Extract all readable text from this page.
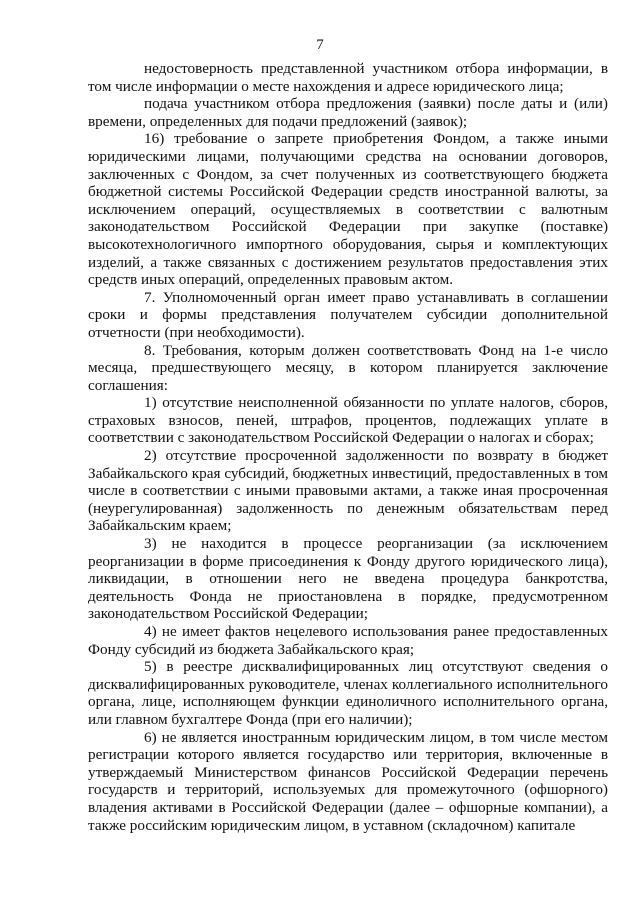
7

недостоверность представленной участником отбора информации, в том числе информации о месте нахождения и адресе юридического лица;

подача участником отбора предложения (заявки) после даты и (или) времени, определенных для подачи предложений (заявок);

16) требование о запрете приобретения Фондом, а также иными юридическими лицами, получающими средства на основании договоров, заключенных с Фондом, за счет полученных из соответствующего бюджета бюджетной системы Российской Федерации средств иностранной валюты, за исключением операций, осуществляемых в соответствии с валютным законодательством Российской Федерации при закупке (поставке) высокотехнологичного импортного оборудования, сырья и комплектующих изделий, а также связанных с достижением результатов предоставления этих средств иных операций, определенных правовым актом.

7. Уполномоченный орган имеет право устанавливать в соглашении сроки и формы представления получателем субсидии дополнительной отчетности (при необходимости).

8. Требования, которым должен соответствовать Фонд на 1-е число месяца, предшествующего месяцу, в котором планируется заключение соглашения:

1) отсутствие неисполненной обязанности по уплате налогов, сборов, страховых взносов, пеней, штрафов, процентов, подлежащих уплате в соответствии с законодательством Российской Федерации о налогах и сборах;

2) отсутствие просроченной задолженности по возврату в бюджет Забайкальского края субсидий, бюджетных инвестиций, предоставленных в том числе в соответствии с иными правовыми актами, а также иная просроченная (неурегулированная) задолженность по денежным обязательствам перед Забайкальским краем;

3) не находится в процессе реорганизации (за исключением реорганизации в форме присоединения к Фонду другого юридического лица), ликвидации, в отношении него не введена процедура банкротства, деятельность Фонда не приостановлена в порядке, предусмотренном законодательством Российской Федерации;

4) не имеет фактов нецелевого использования ранее предоставленных Фонду субсидий из бюджета Забайкальского края;

5) в реестре дисквалифицированных лиц отсутствуют сведения о дисквалифицированных руководителе, членах коллегиального исполнительного органа, лице, исполняющем функции единоличного исполнительного органа, или главном бухгалтере Фонда (при его наличии);

6) не является иностранным юридическим лицом, в том числе местом регистрации которого является государство или территория, включенные в утверждаемый Министерством финансов Российской Федерации перечень государств и территорий, используемых для промежуточного (офшорного) владения активами в Российской Федерации (далее – офшорные компании), а также российским юридическим лицом, в уставном (складочном) капитале
